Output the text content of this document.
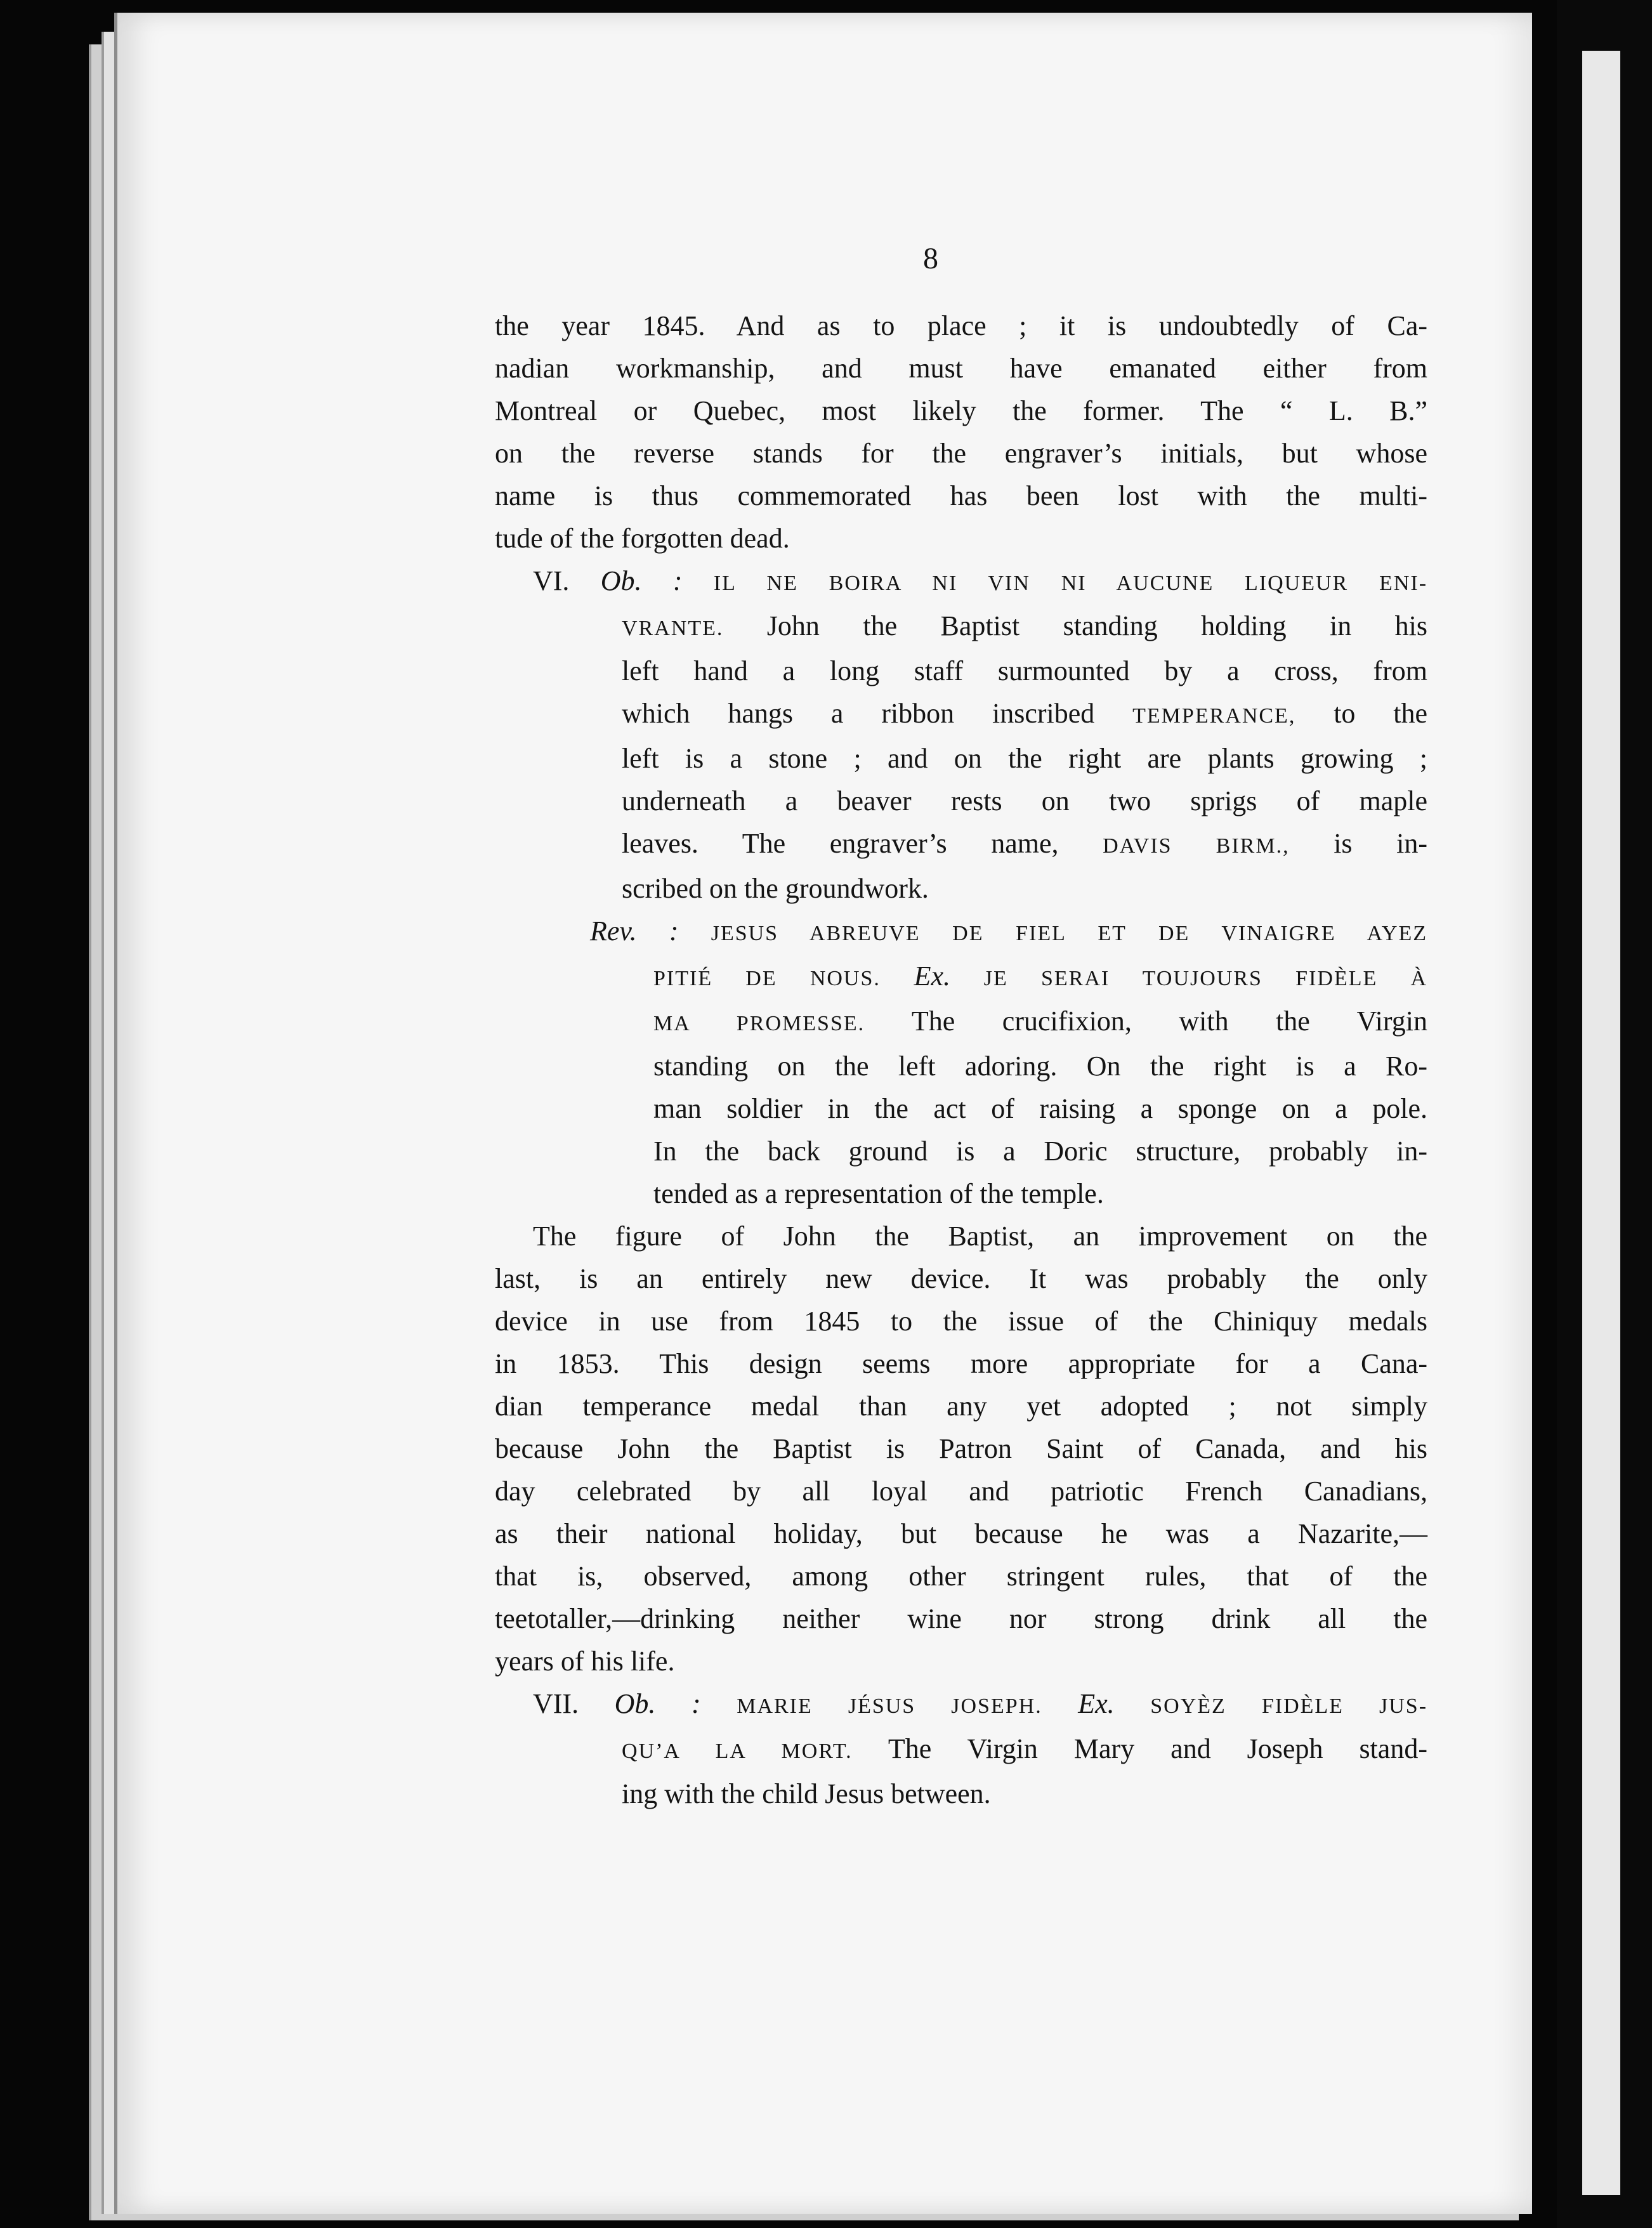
8
the year 1845. And as to place ; it is undoubtedly of Ca-
nadian workmanship, and must have emanated either from
Montreal or Quebec, most likely the former. The “ L. B.”
on the reverse stands for the engraver’s initials, but whose
name is thus commemorated has been lost with the multi-
tude of the forgotten dead.
VI. Ob. : IL NE BOIRA NI VIN NI AUCUNE LIQUEUR ENI-
VRANTE. John the Baptist standing holding in his
left hand a long staff surmounted by a cross, from
which hangs a ribbon inscribed TEMPERANCE, to the
left is a stone ; and on the right are plants growing ;
underneath a beaver rests on two sprigs of maple
leaves. The engraver’s name, DAVIS BIRM., is in-
scribed on the groundwork.
Rev. : JESUS ABREUVE DE FIEL ET DE VINAIGRE AYEZ
PITIÉ DE NOUS. Ex. JE SERAI TOUJOURS FIDÈLE À
MA PROMESSE. The crucifixion, with the Virgin
standing on the left adoring. On the right is a Ro-
man soldier in the act of raising a sponge on a pole.
In the back ground is a Doric structure, probably in-
tended as a representation of the temple.
The figure of John the Baptist, an improvement on the
last, is an entirely new device. It was probably the only
device in use from 1845 to the issue of the Chiniquy medals
in 1853. This design seems more appropriate for a Cana-
dian temperance medal than any yet adopted ; not simply
because John the Baptist is Patron Saint of Canada, and his
day celebrated by all loyal and patriotic French Canadians,
as their national holiday, but because he was a Nazarite,—
that is, observed, among other stringent rules, that of the
teetotaller,—drinking neither wine nor strong drink all the
years of his life.
VII. Ob. : MARIE JÉSUS JOSEPH. Ex. SOYÈZ FIDÈLE JUS-
QU’A LA MORT. The Virgin Mary and Joseph stand-
ing with the child Jesus between.
